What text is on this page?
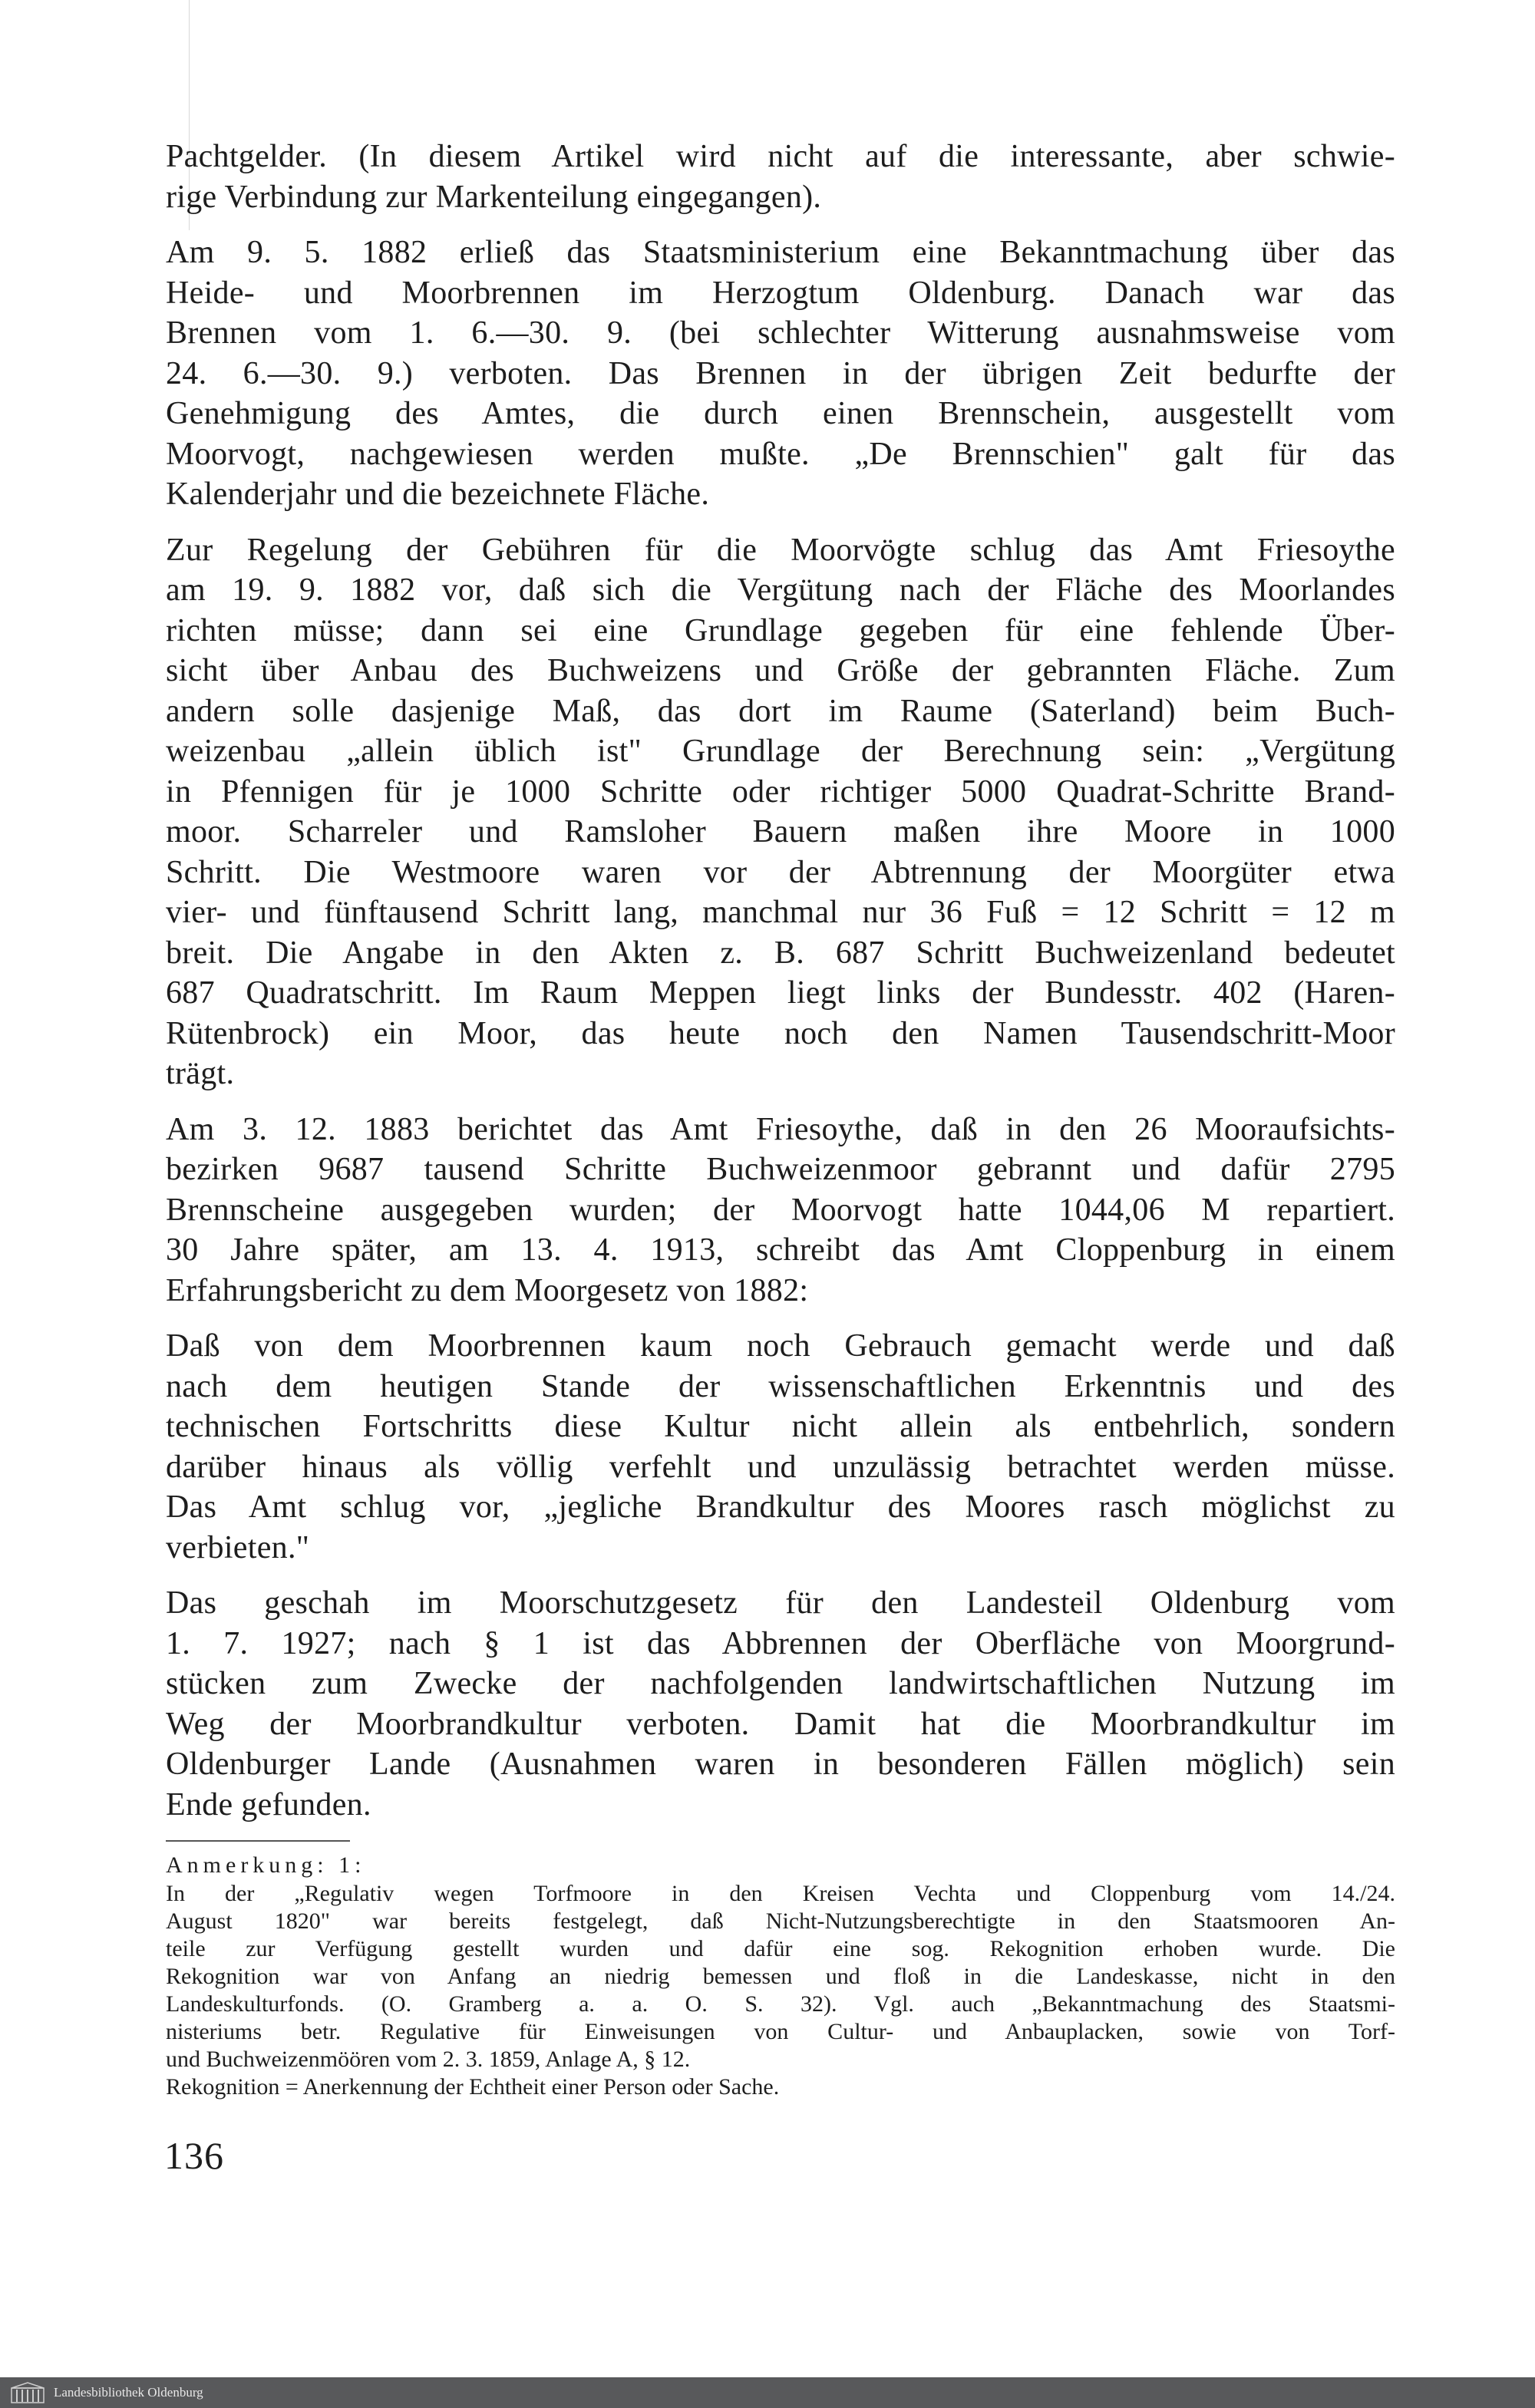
Pachtgelder. (In diesem Artikel wird nicht auf die interessante, aber schwie-
rige Verbindung zur Markenteilung eingegangen).

Am 9. 5. 1882 erließ das Staatsministerium eine Bekanntmachung über das
Heide- und Moorbrennen im Herzogtum Oldenburg. Danach war das
Brennen vom 1. 6.—30. 9. (bei schlechter Witterung ausnahmsweise vom
24. 6.—30. 9.) verboten. Das Brennen in der übrigen Zeit bedurfte der
Genehmigung des Amtes, die durch einen Brennschein, ausgestellt vom
Moorvogt, nachgewiesen werden mußte. „De Brennschien" galt für das
Kalenderjahr und die bezeichnete Fläche.

Zur Regelung der Gebühren für die Moorvögte schlug das Amt Friesoythe
am 19. 9. 1882 vor, daß sich die Vergütung nach der Fläche des Moorlandes
richten müsse; dann sei eine Grundlage gegeben für eine fehlende Über-
sicht über Anbau des Buchweizens und Größe der gebrannten Fläche. Zum
andern solle dasjenige Maß, das dort im Raume (Saterland) beim Buch-
weizenbau „allein üblich ist" Grundlage der Berechnung sein: „Vergütung
in Pfennigen für je 1000 Schritte oder richtiger 5000 Quadrat-Schritte Brand-
moor. Scharreler und Ramsloher Bauern maßen ihre Moore in 1000
Schritt. Die Westmoore waren vor der Abtrennung der Moorgüter etwa
vier- und fünftausend Schritt lang, manchmal nur 36 Fuß = 12 Schritt = 12 m
breit. Die Angabe in den Akten z. B. 687 Schritt Buchweizenland bedeutet
687 Quadratschritt. Im Raum Meppen liegt links der Bundesstr. 402 (Haren-
Rütenbrock) ein Moor, das heute noch den Namen Tausendschritt-Moor
trägt.

Am 3. 12. 1883 berichtet das Amt Friesoythe, daß in den 26 Mooraufsichts-
bezirken 9687 tausend Schritte Buchweizenmoor gebrannt und dafür 2795
Brennscheine ausgegeben wurden; der Moorvogt hatte 1044,06 M repartiert.
30 Jahre später, am 13. 4. 1913, schreibt das Amt Cloppenburg in einem
Erfahrungsbericht zu dem Moorgesetz von 1882:

Daß von dem Moorbrennen kaum noch Gebrauch gemacht werde und daß
nach dem heutigen Stande der wissenschaftlichen Erkenntnis und des
technischen Fortschritts diese Kultur nicht allein als entbehrlich, sondern
darüber hinaus als völlig verfehlt und unzulässig betrachtet werden müsse.
Das Amt schlug vor, „jegliche Brandkultur des Moores rasch möglichst zu
verbieten."

Das geschah im Moorschutzgesetz für den Landesteil Oldenburg vom
1. 7. 1927; nach § 1 ist das Abbrennen der Oberfläche von Moorgrund-
stücken zum Zwecke der nachfolgenden landwirtschaftlichen Nutzung im
Weg der Moorbrandkultur verboten. Damit hat die Moorbrandkultur im
Oldenburger Lande (Ausnahmen waren in besonderen Fällen möglich) sein
Ende gefunden.

Anmerkung: 1:
In der „Regulativ wegen Torfmoore in den Kreisen Vechta und Cloppenburg vom 14./24.
August 1820" war bereits festgelegt, daß Nicht-Nutzungsberechtigte in den Staatsmooren An-
teile zur Verfügung gestellt wurden und dafür eine sog. Rekognition erhoben wurde. Die
Rekognition war von Anfang an niedrig bemessen und floß in die Landeskasse, nicht in den
Landeskulturfonds. (O. Gramberg a. a. O. S. 32). Vgl. auch „Bekanntmachung des Staatsmi-
nisteriums betr. Regulative für Einweisungen von Cultur- und Anbauplacken, sowie von Torf-
und Buchweizenmöören vom 2. 3. 1859, Anlage A, § 12.
Rekognition = Anerkennung der Echtheit einer Person oder Sache.
136
Landesbibliothek Oldenburg
